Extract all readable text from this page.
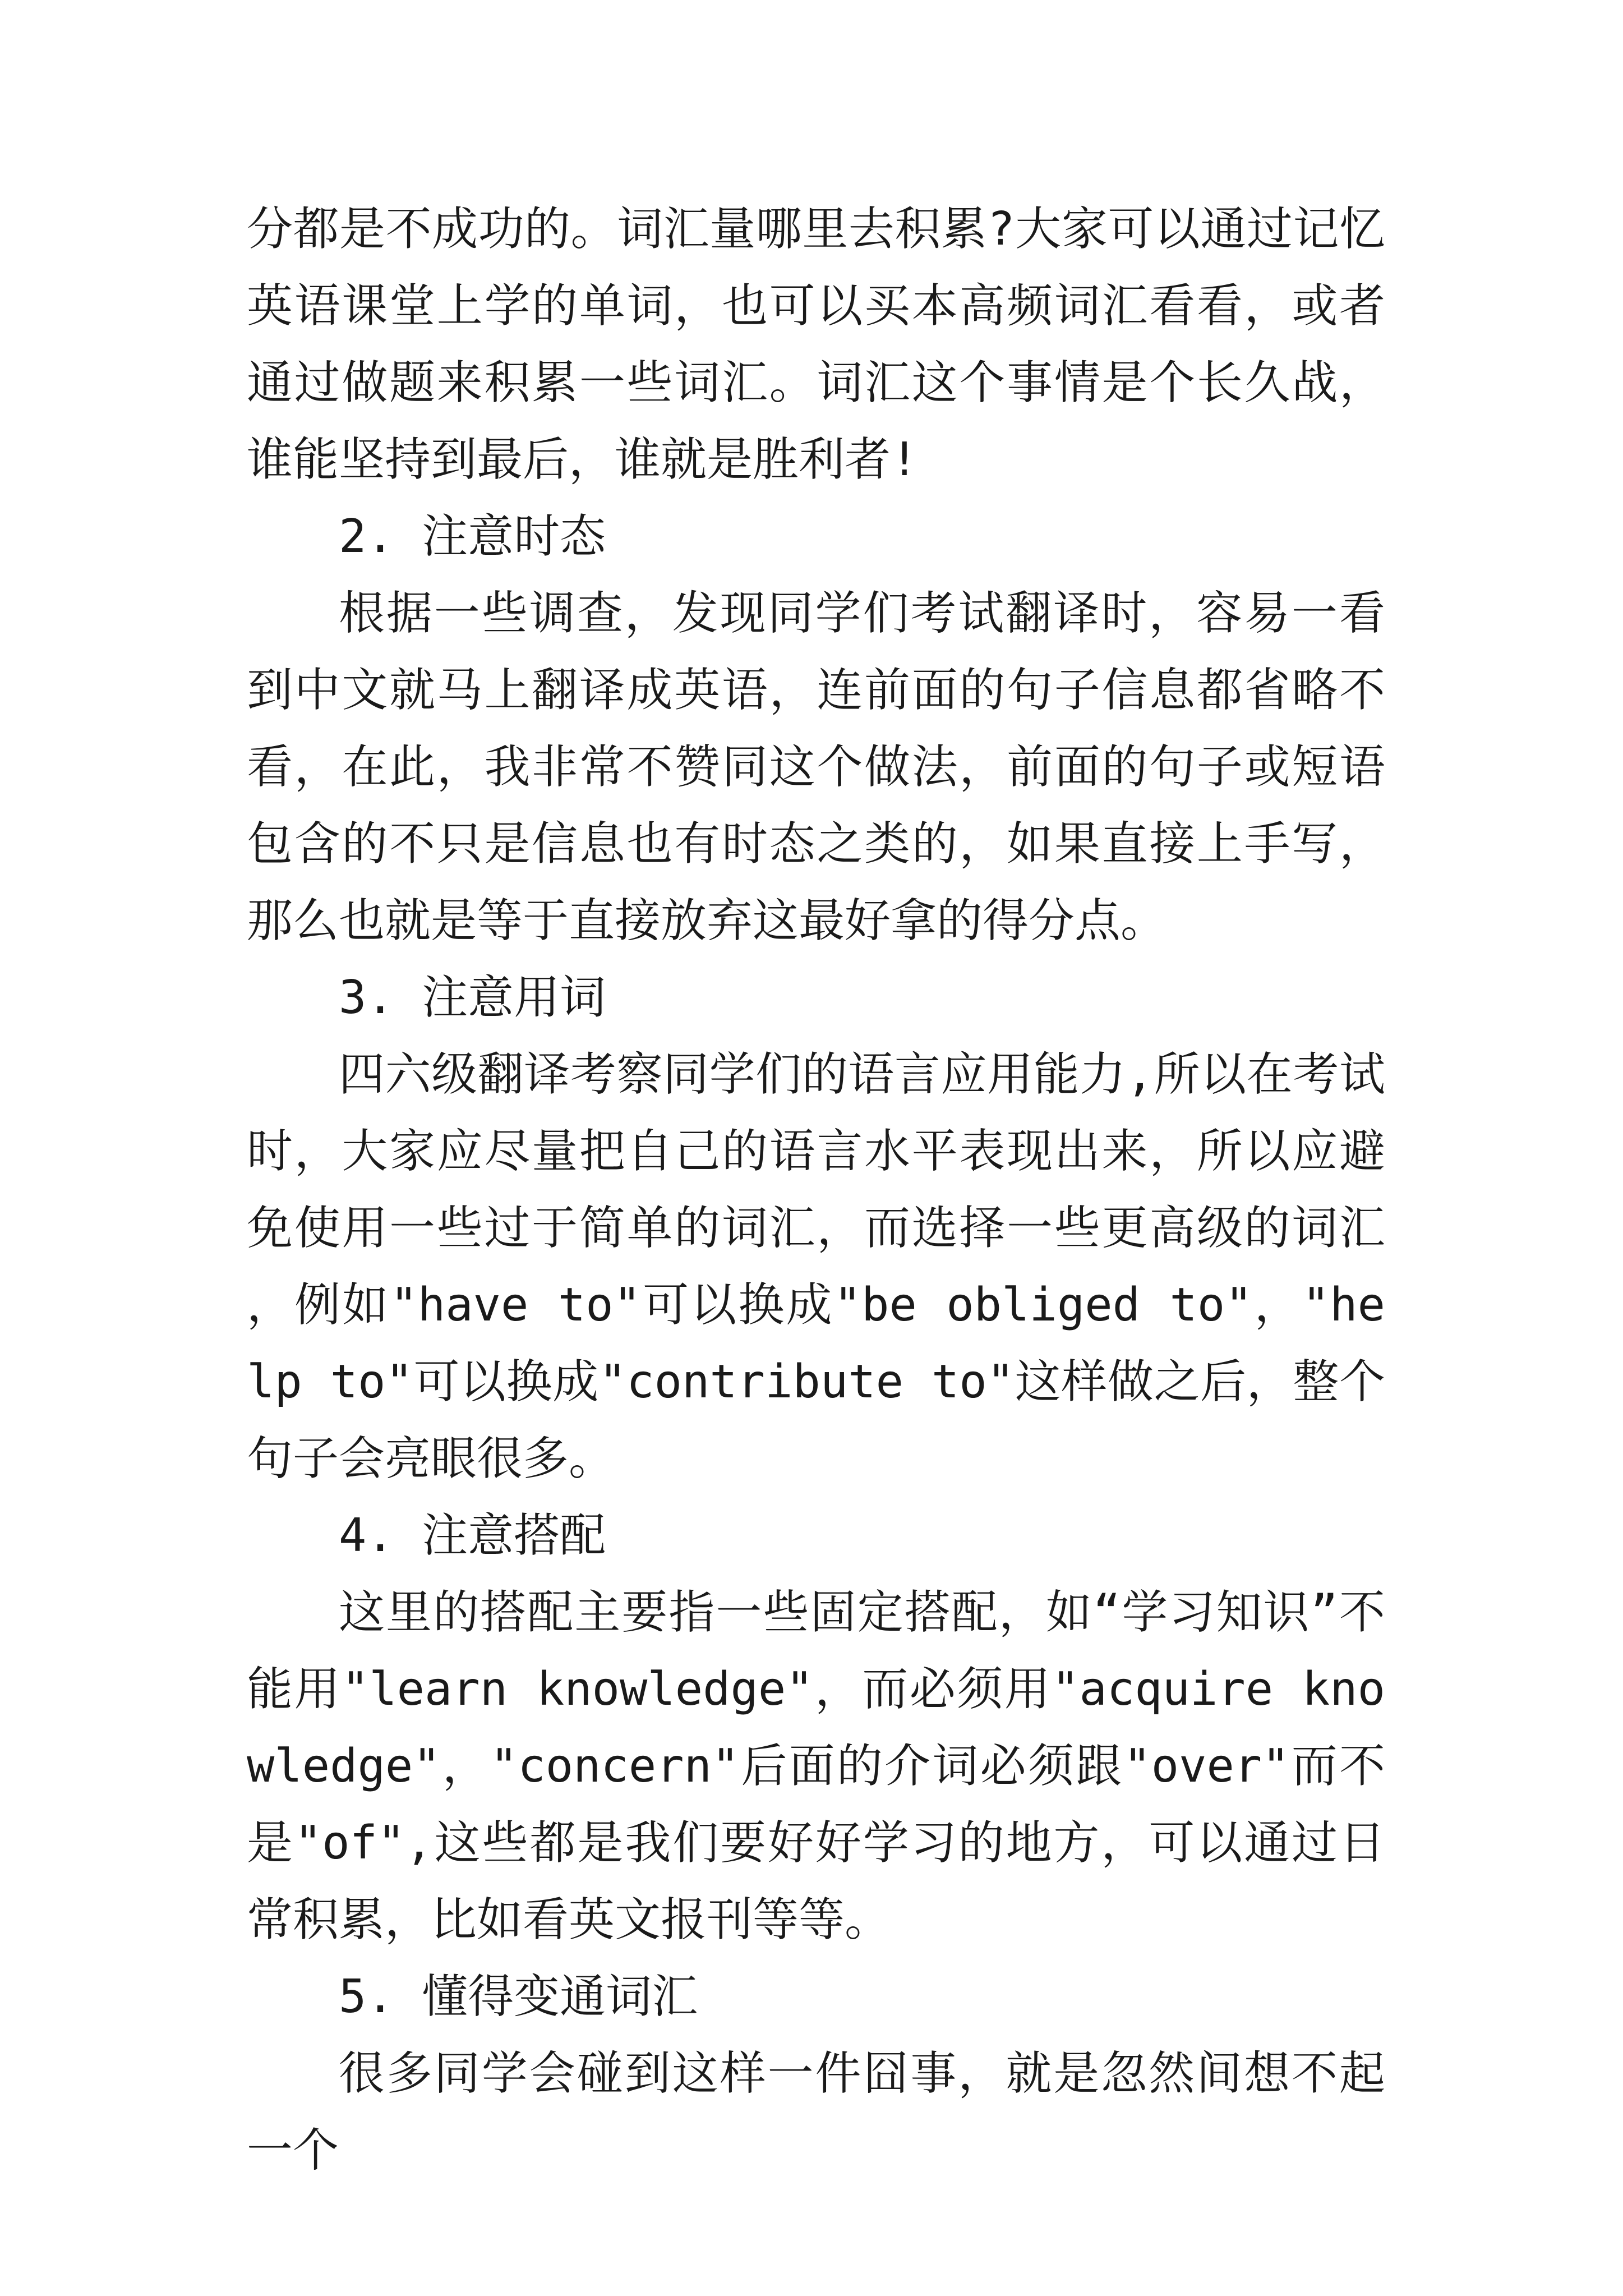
分都是不成功的。词汇量哪里去积累?大家可以通过记忆英语课堂上学的单词，也可以买本高频词汇看看，或者通过做题来积累一些词汇。词汇这个事情是个长久战，谁能坚持到最后，谁就是胜利者!

2. 注意时态

根据一些调查，发现同学们考试翻译时，容易一看到中文就马上翻译成英语，连前面的句子信息都省略不看，在此，我非常不赞同这个做法，前面的句子或短语包含的不只是信息也有时态之类的，如果直接上手写，那么也就是等于直接放弃这最好拿的得分点。

3. 注意用词

四六级翻译考察同学们的语言应用能力,所以在考试时，大家应尽量把自己的语言水平表现出来，所以应避免使用一些过于简单的词汇，而选择一些更高级的词汇，例如"have to"可以换成"be obliged to"，"help to"可以换成"contribute to"这样做之后，整个句子会亮眼很多。

4. 注意搭配

这里的搭配主要指一些固定搭配，如“学习知识”不能用"learn knowledge"，而必须用"acquire knowledge"，"concern"后面的介词必须跟"over"而不是"of",这些都是我们要好好学习的地方，可以通过日常积累，比如看英文报刊等等。

5. 懂得变通词汇

很多同学会碰到这样一件囧事，就是忽然间想不起一个
